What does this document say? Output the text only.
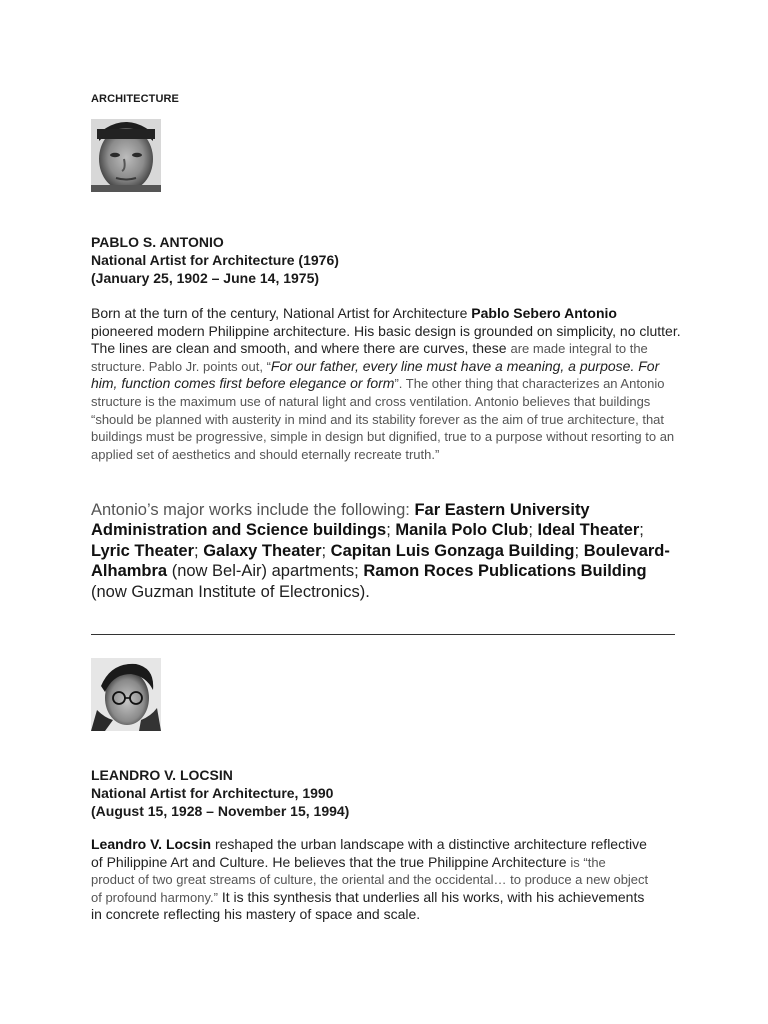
ARCHITECTURE
PABLO S. ANTONIO
National Artist for Architecture (1976)
(January 25, 1902 – June 14, 1975)
Born at the turn of the century, National Artist for Architecture Pablo Sebero Antonio pioneered modern Philippine architecture. His basic design is grounded on simplicity, no clutter. The lines are clean and smooth, and where there are curves, these are made integral to the structure. Pablo Jr. points out, “For our father, every line must have a meaning, a purpose. For him, function comes first before elegance or form”. The other thing that characterizes an Antonio structure is the maximum use of natural light and cross ventilation. Antonio believes that buildings “should be planned with austerity in mind and its stability forever as the aim of true architecture, that buildings must be progressive, simple in design but dignified, true to a purpose without resorting to an applied set of aesthetics and should eternally recreate truth.”
Antonio’s major works include the following: Far Eastern University Administration and Science buildings; Manila Polo Club; Ideal Theater; Lyric Theater; Galaxy Theater; Capitan Luis Gonzaga Building; Boulevard-Alhambra (now Bel-Air) apartments; Ramon Roces Publications Building (now Guzman Institute of Electronics).
LEANDRO V. LOCSIN
National Artist for Architecture, 1990
(August 15, 1928 – November 15, 1994)
Leandro V. Locsin reshaped the urban landscape with a distinctive architecture reflective of Philippine Art and Culture. He believes that the true Philippine Architecture is “the product of two great streams of culture, the oriental and the occidental… to produce a new object of profound harmony.” It is this synthesis that underlies all his works, with his achievements in concrete reflecting his mastery of space and scale.
